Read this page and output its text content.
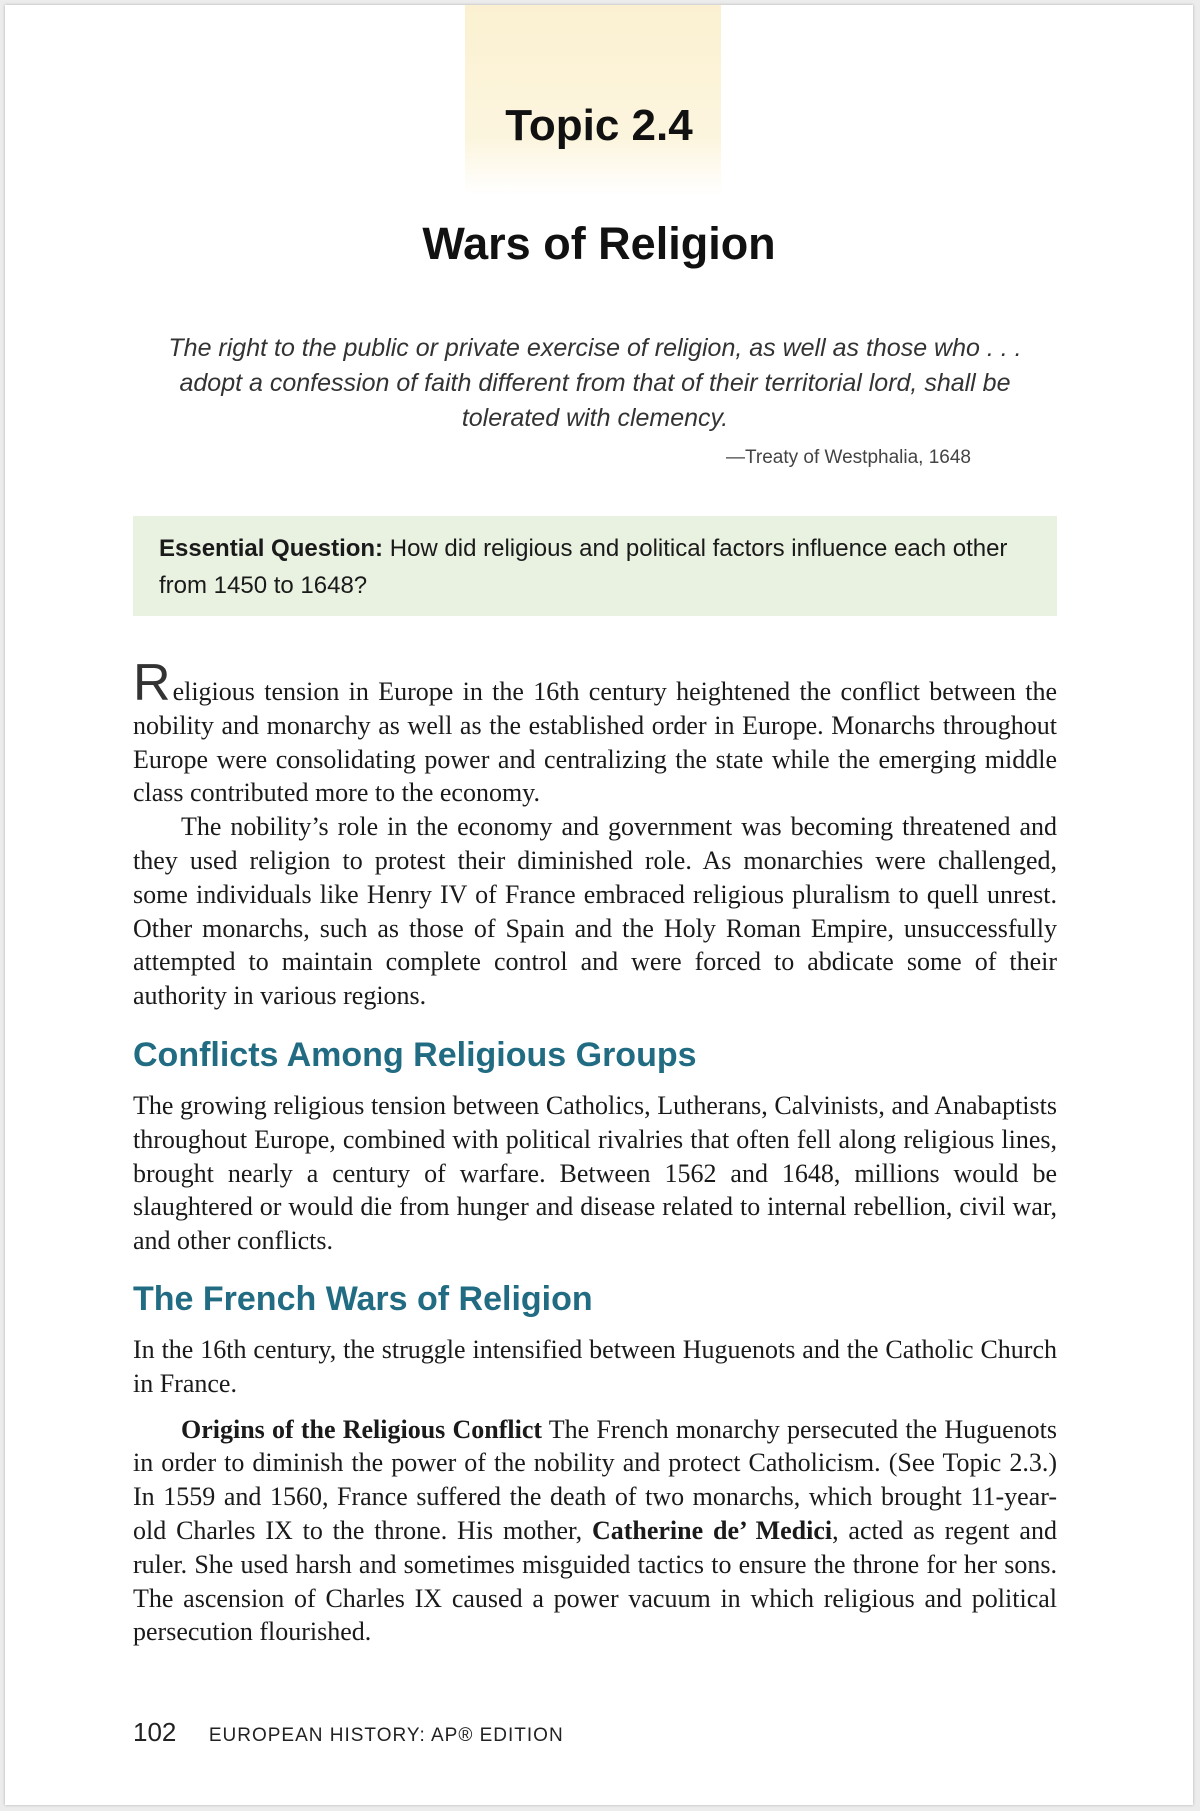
Topic 2.4
Wars of Religion
The right to the public or private exercise of religion, as well as those who . . . adopt a confession of faith different from that of their territorial lord, shall be tolerated with clemency.
—Treaty of Westphalia, 1648
Essential Question: How did religious and political factors influence each other from 1450 to 1648?

Religious tension in Europe in the 16th century heightened the conflict between the nobility and monarchy as well as the established order in Europe. Monarchs throughout Europe were consolidating power and centralizing the state while the emerging middle class contributed more to the economy.

The nobility’s role in the economy and government was becoming threatened and they used religion to protest their diminished role. As monarchies were challenged, some individuals like Henry IV of France embraced religious pluralism to quell unrest. Other monarchs, such as those of Spain and the Holy Roman Empire, unsuccessfully attempted to maintain complete control and were forced to abdicate some of their authority in various regions.

Conflicts Among Religious Groups

The growing religious tension between Catholics, Lutherans, Calvinists, and Anabaptists throughout Europe, combined with political rivalries that often fell along religious lines, brought nearly a century of warfare. Between 1562 and 1648, millions would be slaughtered or would die from hunger and disease related to internal rebellion, civil war, and other conflicts.

The French Wars of Religion

In the 16th century, the struggle intensified between Huguenots and the Catholic Church in France.

Origins of the Religious Conflict The French monarchy persecuted the Huguenots in order to diminish the power of the nobility and protect Catholicism. (See Topic 2.3.) In 1559 and 1560, France suffered the death of two monarchs, which brought 11-year-old Charles IX to the throne. His mother, Catherine de’ Medici, acted as regent and ruler. She used harsh and sometimes misguided tactics to ensure the throne for her sons. The ascension of Charles IX caused a power vacuum in which religious and political persecution flourished.

102 EUROPEAN HISTORY: AP® EDITION
